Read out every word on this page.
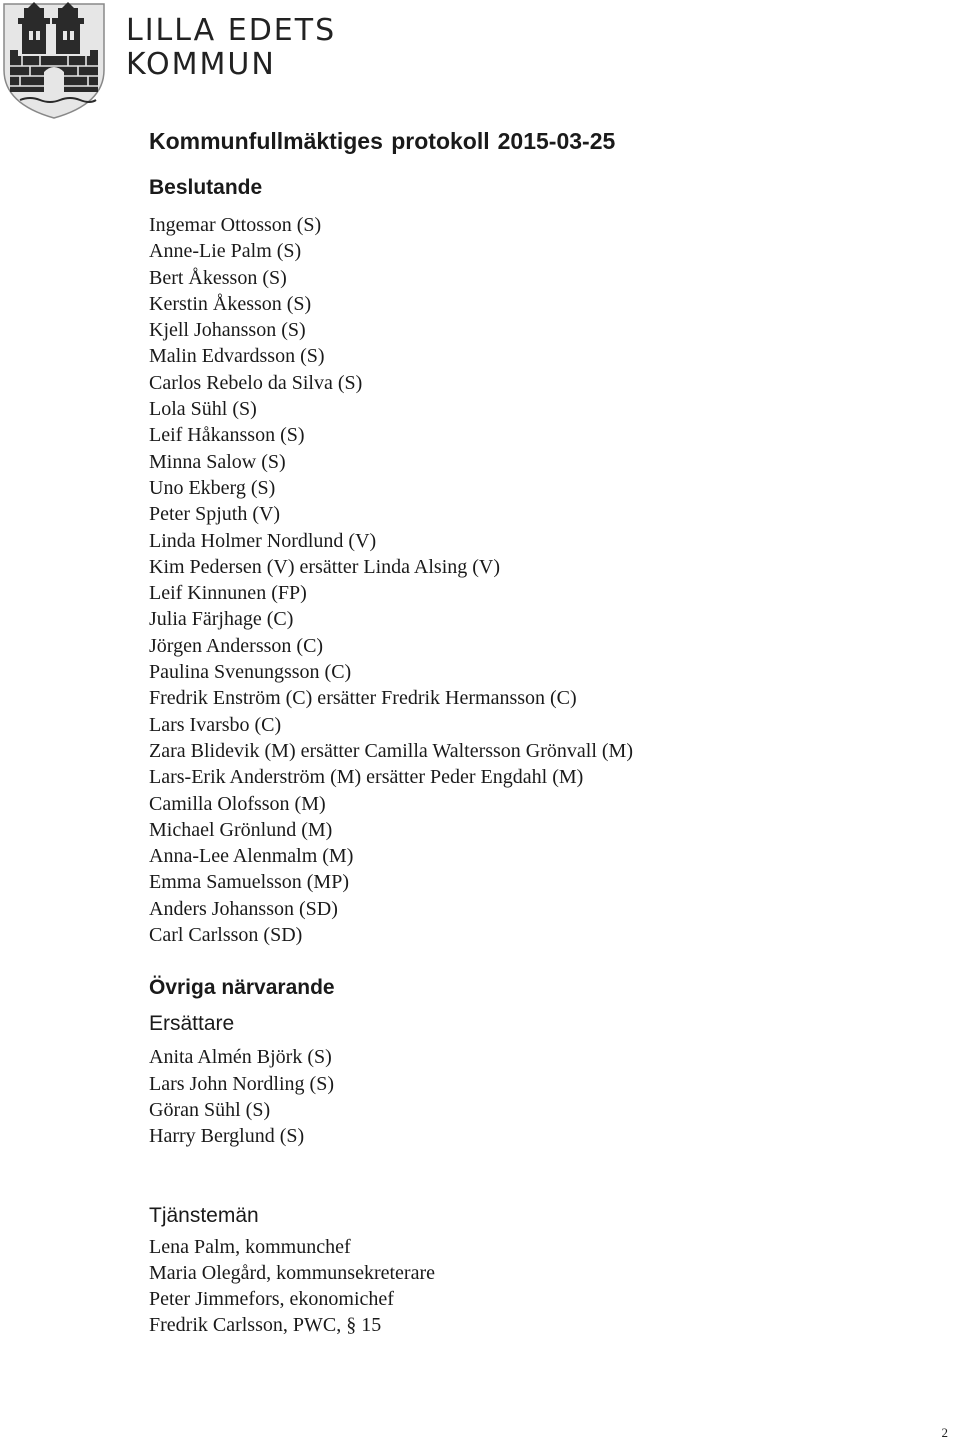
LILLA EDETS
KOMMUN
Kommunfullmäktiges protokoll 2015-03-25
Beslutande
Ingemar Ottosson (S)
Anne-Lie Palm (S)
Bert Åkesson (S)
Kerstin Åkesson (S)
Kjell Johansson (S)
Malin Edvardsson (S)
Carlos Rebelo da Silva (S)
Lola Sühl (S)
Leif Håkansson (S)
Minna Salow (S)
Uno Ekberg (S)
Peter Spjuth (V)
Linda Holmer Nordlund (V)
Kim Pedersen (V) ersätter Linda Alsing (V)
Leif Kinnunen (FP)
Julia Färjhage (C)
Jörgen Andersson (C)
Paulina Svenungsson (C)
Fredrik Enström (C) ersätter Fredrik Hermansson (C)
Lars Ivarsbo (C)
Zara Blidevik (M) ersätter Camilla Waltersson Grönvall (M)
Lars-Erik Anderström (M) ersätter Peder Engdahl (M)
Camilla Olofsson (M)
Michael Grönlund (M)
Anna-Lee Alenmalm (M)
Emma Samuelsson (MP)
Anders Johansson (SD)
Carl Carlsson (SD)
Övriga närvarande
Ersättare
Anita Almén Björk (S)
Lars John Nordling (S)
Göran Sühl (S)
Harry Berglund (S)
Tjänstemän
Lena Palm, kommunchef
Maria Olegård, kommunsekreterare
Peter Jimmefors, ekonomichef
Fredrik Carlsson, PWC, § 15
2
